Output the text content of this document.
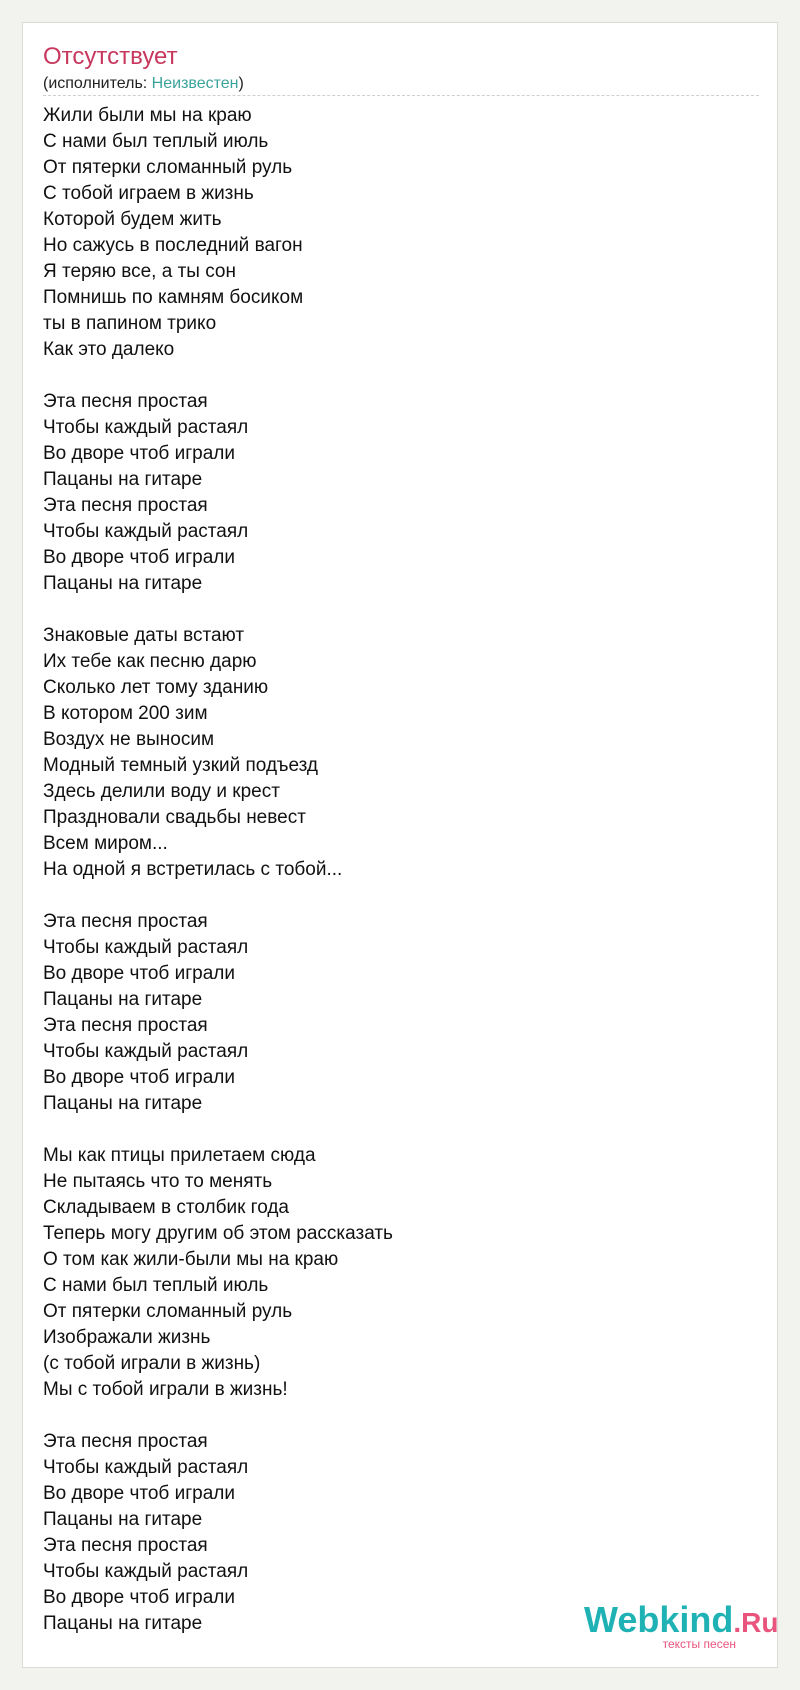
Отсутствует
(исполнитель: Неизвестен)
Жили были мы на краю
С нами был теплый июль
От пятерки сломанный руль
С тобой играем в жизнь
Которой будем жить
Но сажусь в последний вагон
Я теряю все, а ты сон
Помнишь по камням босиком
ты в папином трико
Как это далеко
Эта песня простая
Чтобы каждый растаял
Во дворе чтоб играли
Пацаны на гитаре
Эта песня простая
Чтобы каждый растаял
Во дворе чтоб играли
Пацаны на гитаре
Знаковые даты встают
Их тебе как песню дарю
Сколько лет тому зданию
В котором 200 зим
Воздух не выносим
Модный темный узкий подъезд
Здесь делили воду и крест
Праздновали свадьбы невест
Всем миром...
На одной я встретилась с тобой...
Эта песня простая
Чтобы каждый растаял
Во дворе чтоб играли
Пацаны на гитаре
Эта песня простая
Чтобы каждый растаял
Во дворе чтоб играли
Пацаны на гитаре
Мы как птицы прилетаем сюда
Не пытаясь что то менять
Складываем в столбик года
Теперь могу другим об этом рассказать
О том как жили-были мы на краю
С нами был теплый июль
От пятерки сломанный руль
Изображали жизнь
(с тобой играли в жизнь)
Мы с тобой играли в жизнь!
Эта песня простая
Чтобы каждый растаял
Во дворе чтоб играли
Пацаны на гитаре
Эта песня простая
Чтобы каждый растаял
Во дворе чтоб играли
Пацаны на гитаре	Webkind.Ru
тексты песен
